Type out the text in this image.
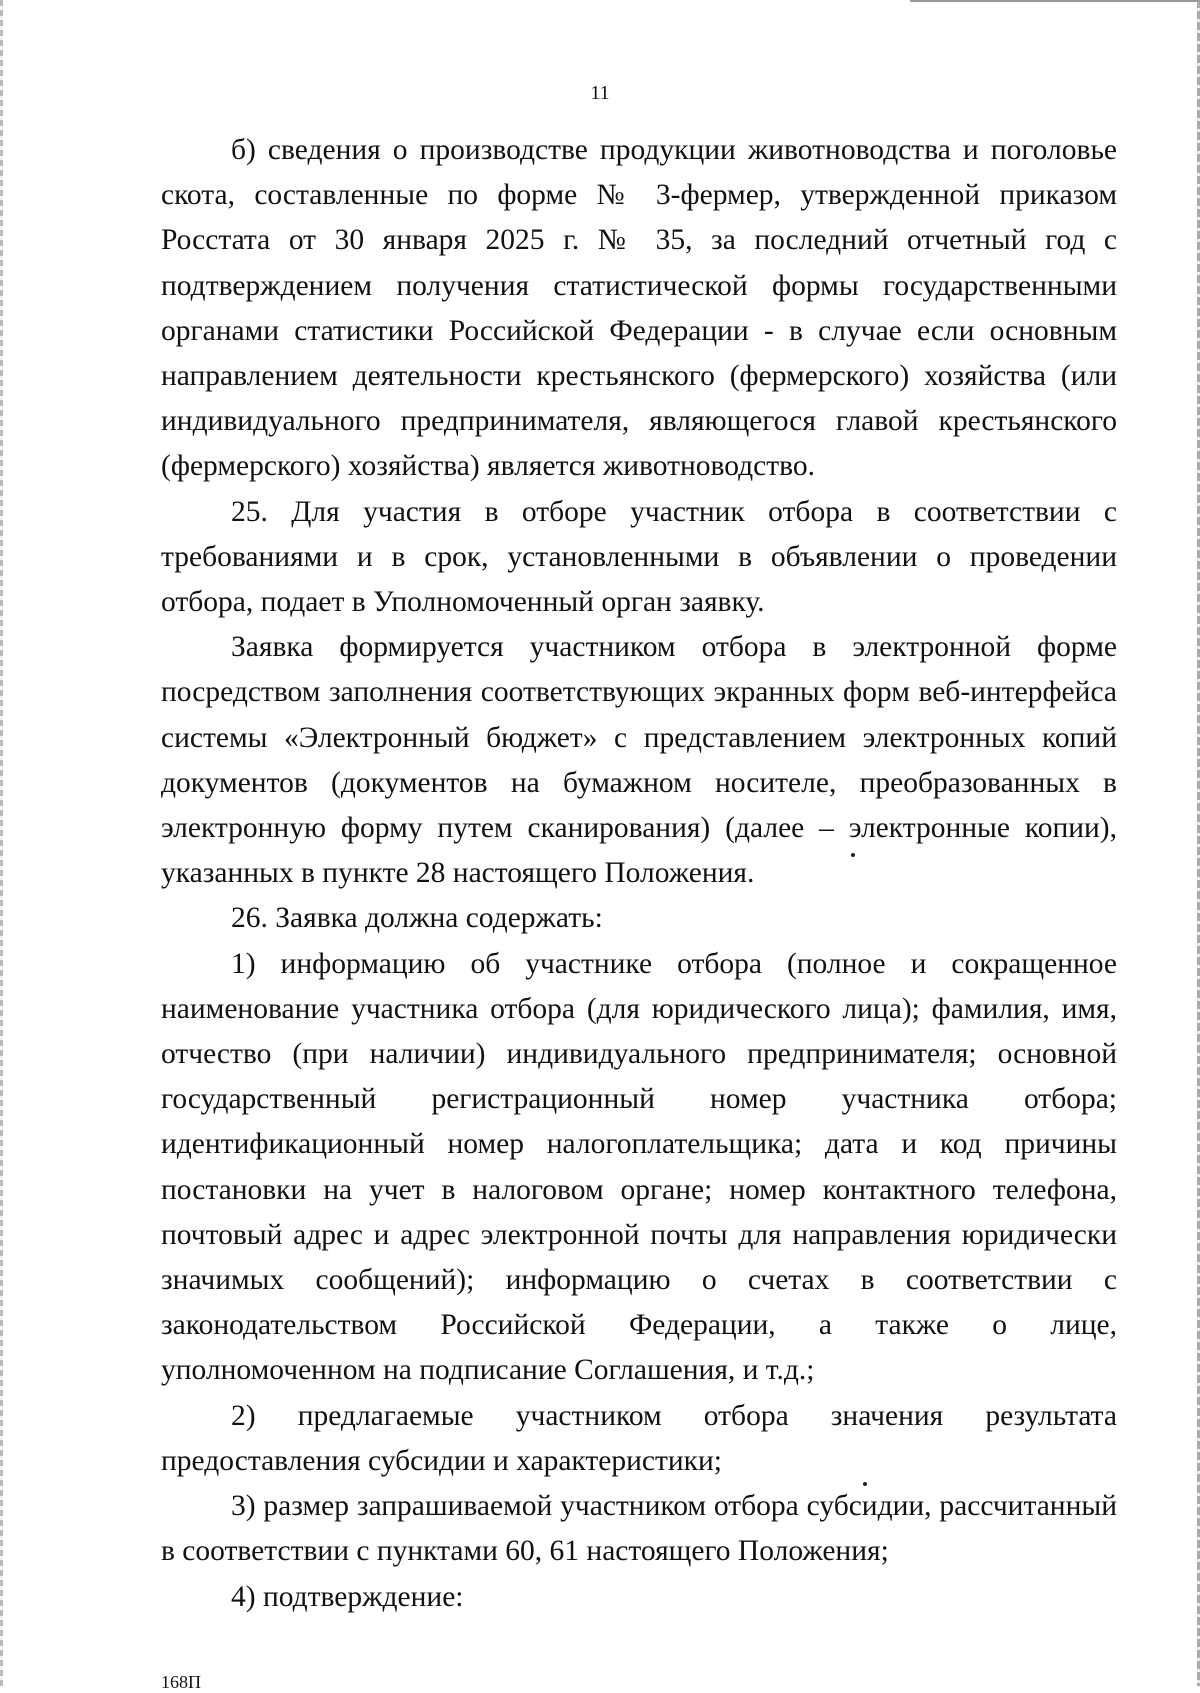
11

б) сведения о производстве продукции животноводства и поголовье скота, составленные по форме № 3-фермер, утвержденной приказом Росстата от 30 января 2025 г. № 35, за последний отчетный год с подтверждением получения статистической формы государственными органами статистики Российской Федерации - в случае если основным направлением деятельности крестьянского (фермерского) хозяйства (или индивидуального предпринимателя, являющегося главой крестьянского (фермерского) хозяйства) является животноводство.

25. Для участия в отборе участник отбора в соответствии с требованиями и в срок, установленными в объявлении о проведении отбора, подает в Уполномоченный орган заявку.

Заявка формируется участником отбора в электронной форме посредством заполнения соответствующих экранных форм веб-интерфейса системы «Электронный бюджет» с представлением электронных копий документов (документов на бумажном носителе, преобразованных в электронную форму путем сканирования) (далее – электронные копии), указанных в пункте 28 настоящего Положения.

26. Заявка должна содержать:

1) информацию об участнике отбора (полное и сокращенное наименование участника отбора (для юридического лица); фамилия, имя, отчество (при наличии) индивидуального предпринимателя; основной государственный регистрационный номер участника отбора; идентификационный номер налогоплательщика; дата и код причины постановки на учет в налоговом органе; номер контактного телефона, почтовый адрес и адрес электронной почты для направления юридически значимых сообщений); информацию о счетах в соответствии с законодательством Российской Федерации, а также о лице, уполномоченном на подписание Соглашения, и т.д.;

2) предлагаемые участником отбора значения результата предоставления субсидии и характеристики;

3) размер запрашиваемой участником отбора субсидии, рассчитанный в соответствии с пунктами 60, 61 настоящего Положения;

4) подтверждение:

168П
